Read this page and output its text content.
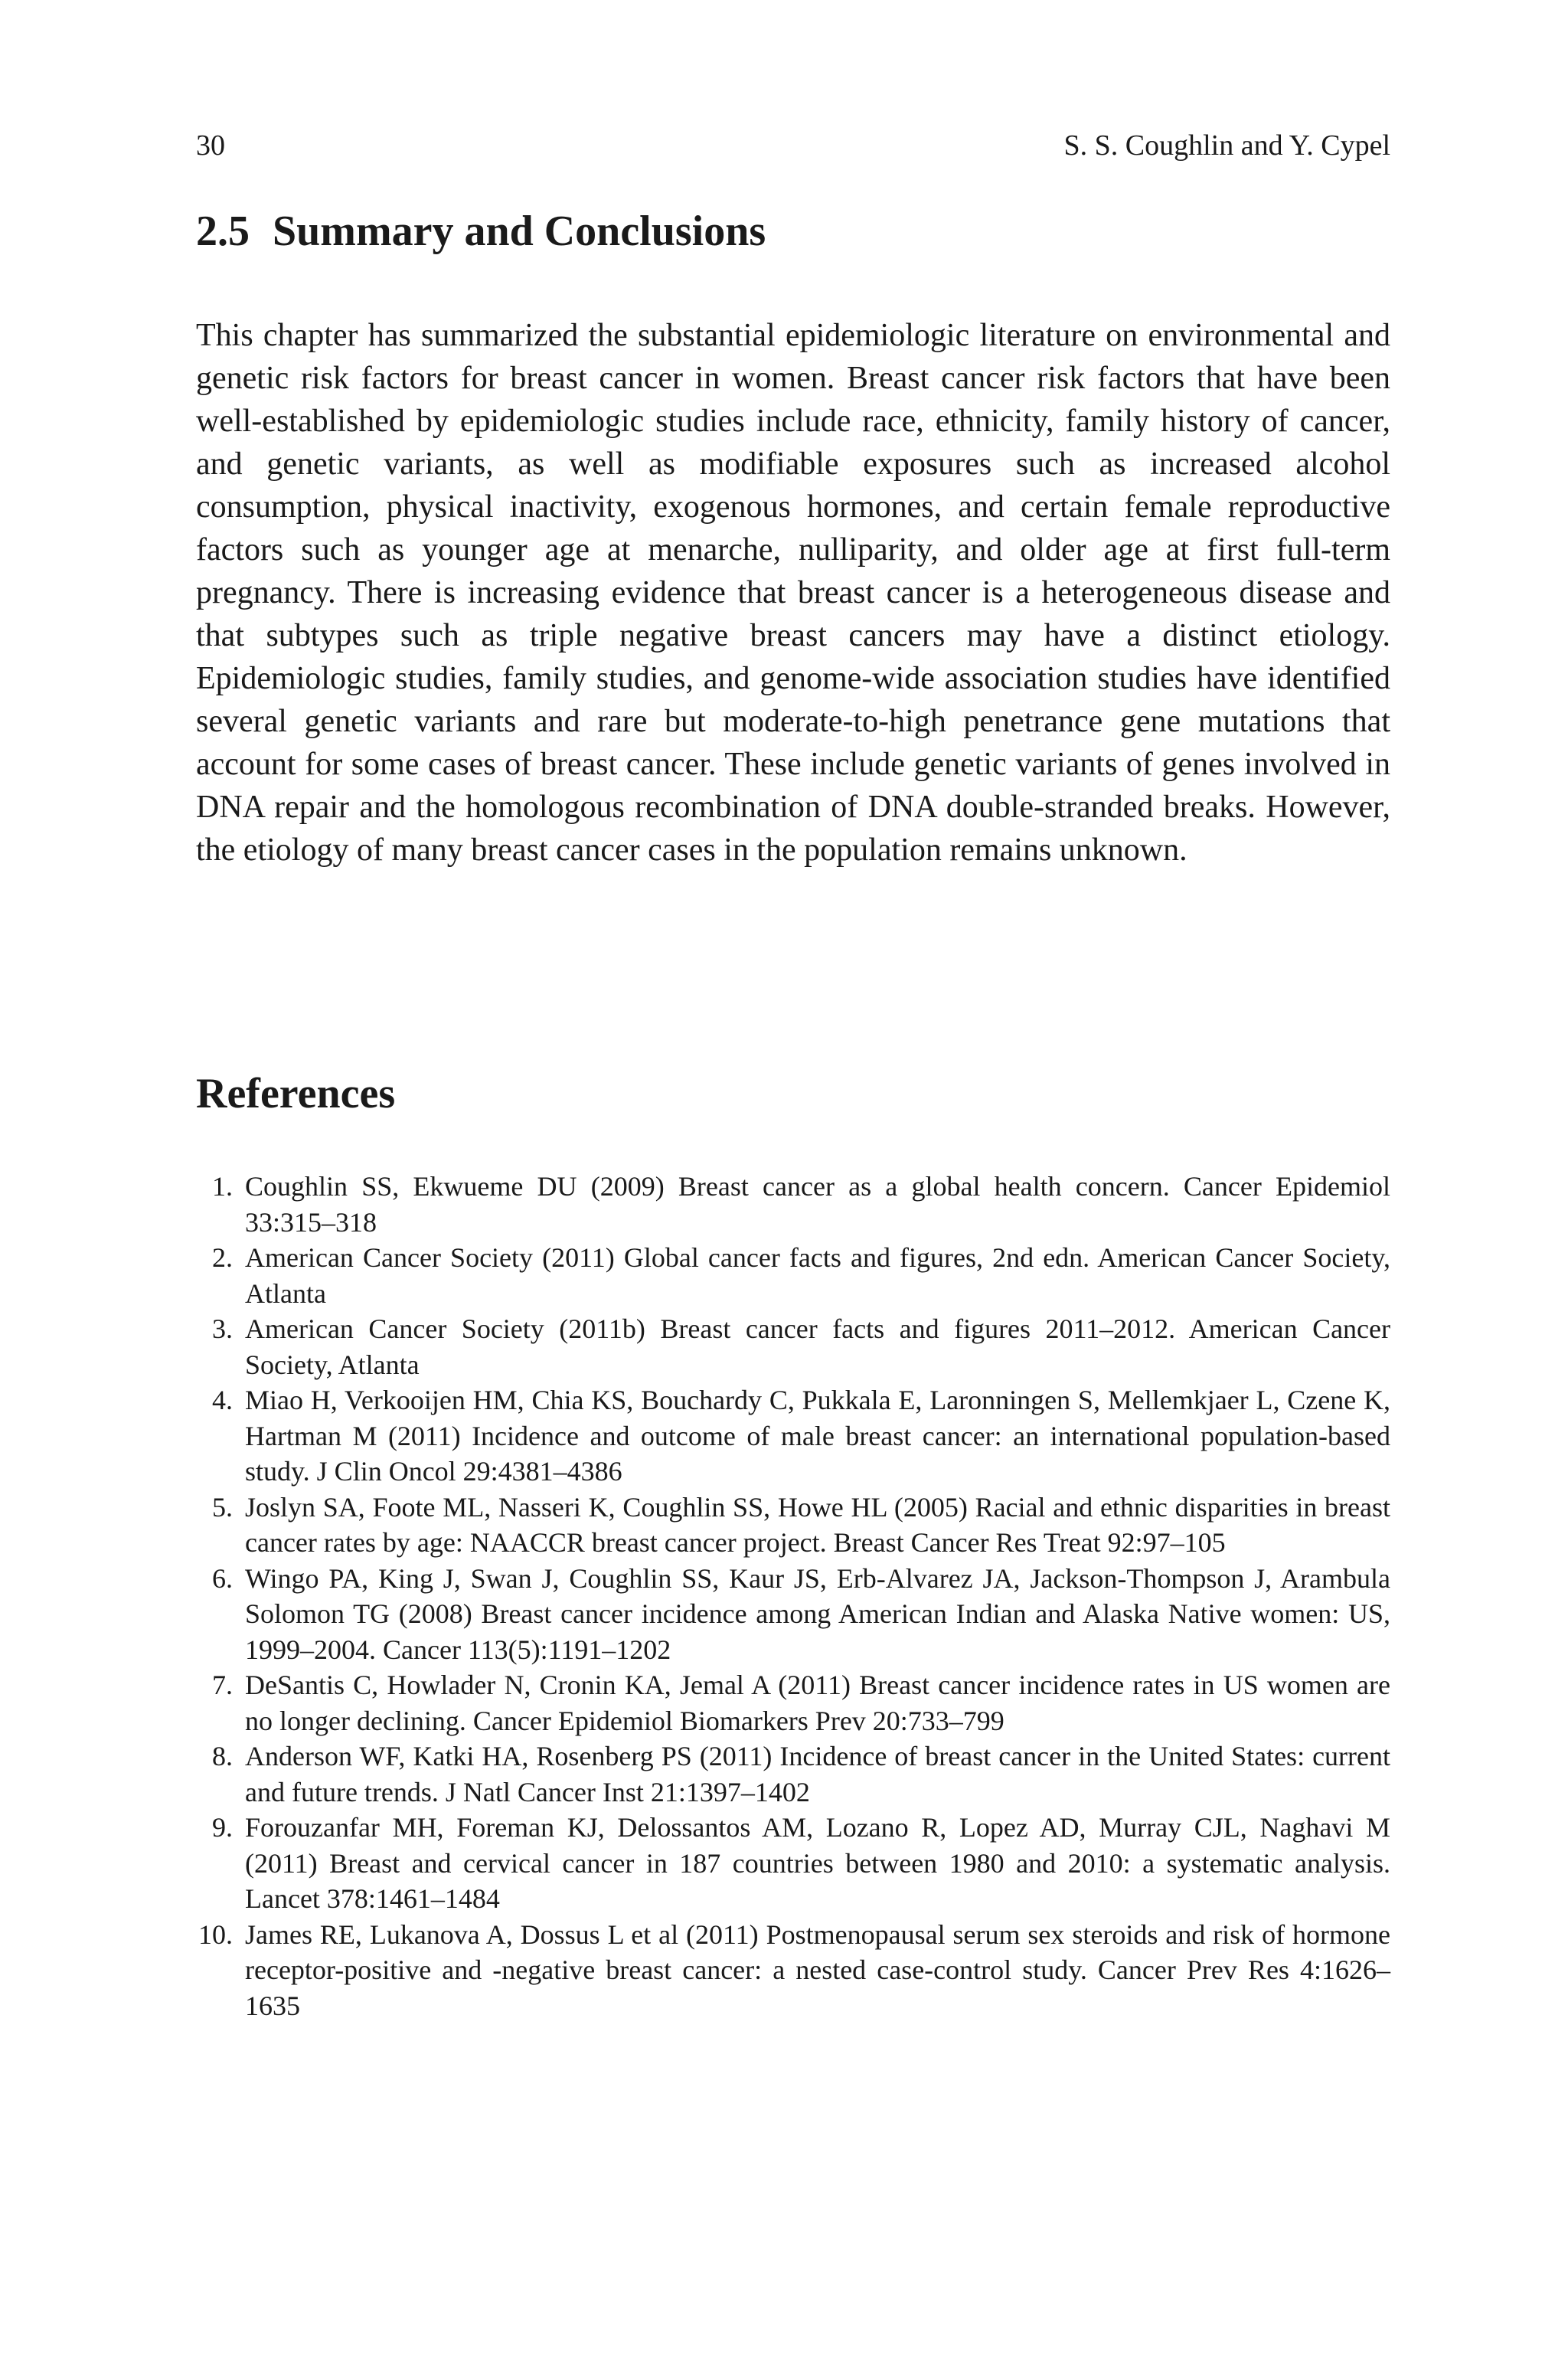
30	S. S. Coughlin and Y. Cypel
2.5 Summary and Conclusions

This chapter has summarized the substantial epidemiologic literature on environmental and genetic risk factors for breast cancer in women. Breast cancer risk factors that have been well-established by epidemiologic studies include race, ethnicity, family history of cancer, and genetic variants, as well as modifiable exposures such as increased alcohol consumption, physical inactivity, exogenous hormones, and certain female reproductive factors such as younger age at menarche, nulliparity, and older age at first full-term pregnancy. There is increasing evidence that breast cancer is a heterogeneous disease and that subtypes such as triple negative breast cancers may have a distinct etiology. Epidemiologic studies, family studies, and genome-wide association studies have identified several genetic variants and rare but moderate-to-high penetrance gene mutations that account for some cases of breast cancer. These include genetic variants of genes involved in DNA repair and the homologous recombination of DNA double-stranded breaks. However, the etiology of many breast cancer cases in the population remains unknown.

References
1. Coughlin SS, Ekwueme DU (2009) Breast cancer as a global health concern. Cancer Epidemiol 33:315–318
2. American Cancer Society (2011) Global cancer facts and figures, 2nd edn. American Cancer Society, Atlanta
3. American Cancer Society (2011b) Breast cancer facts and figures 2011–2012. American Cancer Society, Atlanta
4. Miao H, Verkooijen HM, Chia KS, Bouchardy C, Pukkala E, Laronningen S, Mellemkjaer L, Czene K, Hartman M (2011) Incidence and outcome of male breast cancer: an international population-based study. J Clin Oncol 29:4381–4386
5. Joslyn SA, Foote ML, Nasseri K, Coughlin SS, Howe HL (2005) Racial and ethnic disparities in breast cancer rates by age: NAACCR breast cancer project. Breast Cancer Res Treat 92:97–105
6. Wingo PA, King J, Swan J, Coughlin SS, Kaur JS, Erb-Alvarez JA, Jackson-Thompson J, Arambula Solomon TG (2008) Breast cancer incidence among American Indian and Alaska Native women: US, 1999–2004. Cancer 113(5):1191–1202
7. DeSantis C, Howlader N, Cronin KA, Jemal A (2011) Breast cancer incidence rates in US women are no longer declining. Cancer Epidemiol Biomarkers Prev 20:733–799
8. Anderson WF, Katki HA, Rosenberg PS (2011) Incidence of breast cancer in the United States: current and future trends. J Natl Cancer Inst 21:1397–1402
9. Forouzanfar MH, Foreman KJ, Delossantos AM, Lozano R, Lopez AD, Murray CJL, Naghavi M (2011) Breast and cervical cancer in 187 countries between 1980 and 2010: a systematic analysis. Lancet 378:1461–1484
10. James RE, Lukanova A, Dossus L et al (2011) Postmenopausal serum sex steroids and risk of hormone receptor-positive and -negative breast cancer: a nested case-control study. Cancer Prev Res 4:1626–1635
